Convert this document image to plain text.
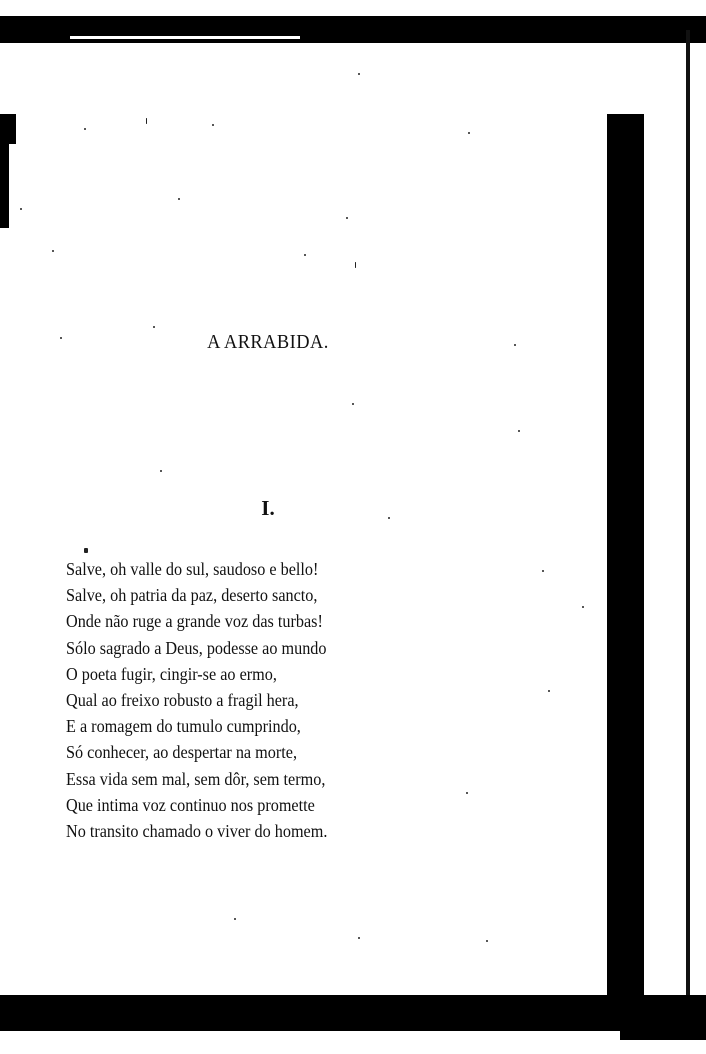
A ARRABIDA.
I.
Salve, oh valle do sul, saudoso e bello!
Salve, oh patria da paz, deserto sancto,
Onde não ruge a grande voz das turbas!
Sólo sagrado a Deus, podesse ao mundo
O poeta fugir, cingir-se ao ermo,
Qual ao freixo robusto a fragil hera,
E a romagem do tumulo cumprindo,
Só conhecer, ao despertar na morte,
Essa vida sem mal, sem dôr, sem termo,
Que intima voz continuo nos promette
No transito chamado o viver do homem.
